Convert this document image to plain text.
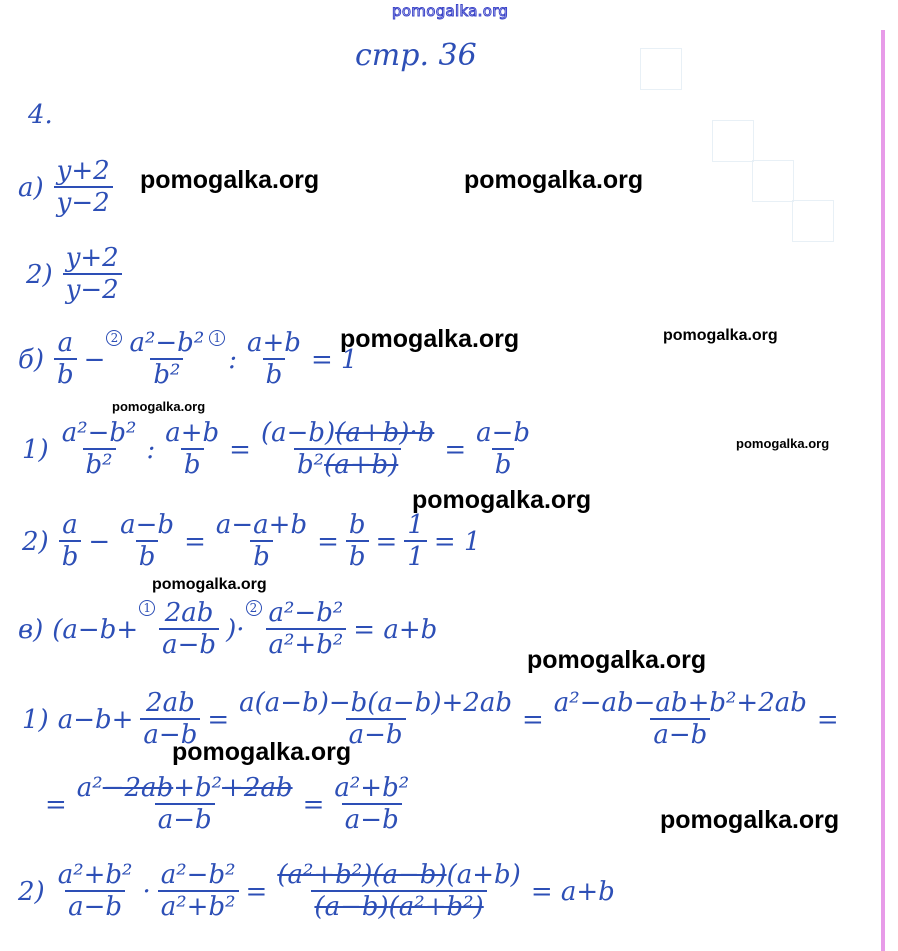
pomogalka.org
стр. 36
4.
$а) \frac{y+2}{y-2}$
$2) \frac{y+2}{y-2}$
$б) \frac{a}{b} -2 \frac{\text{a²−b²}}{\text{b²}} 1$: $\frac{a+b}{b} = 1$
$1) \frac{\text{a²−b²}}{\text{b²}}$ : $\frac{a+b}{b} = \frac{(a-b)(a+b)\cdot b}{\text{b²(a+b)}} = \frac{a-b}{b}$
$2) \frac{a}{b} - \frac{a-b}{b} = \frac{a-a+b}{b} = \frac{b}{b} = \frac{1}{1} = 1$
в) $(a-b+1 \frac{2ab}{a-b} )\cdot 2 \frac{\text{a²−b²}}{\text{a²+b²}} = a+b$
1) $a-b+ \frac{2ab}{a-b} = \frac{a(a-b)-b(a-b)+2ab}{a-b} = \frac{\text{a²−ab−ab+b²+2ab}}{a-b}$ =
= $\frac{\text{a²−2ab+b²+2ab}}{a-b} = \frac{\text{a²+b²}}{a-b}$
$2) \frac{\text{a²+b²}}{a-b} \cdot \frac{\text{a²−b²}}{\text{a²+b²}} = \frac{\text{(a²+b²)(a−b)(a+b)}}{\text{(a−b)(a²+b²)}} = a+b$
pomogalka.org	pomogalka.org
pomogalka.org	pomogalka.org
pomogalka.org
pomogalka.org
pomogalka.org
pomogalka.org
pomogalka.org
pomogalka.org
pomogalka.org
